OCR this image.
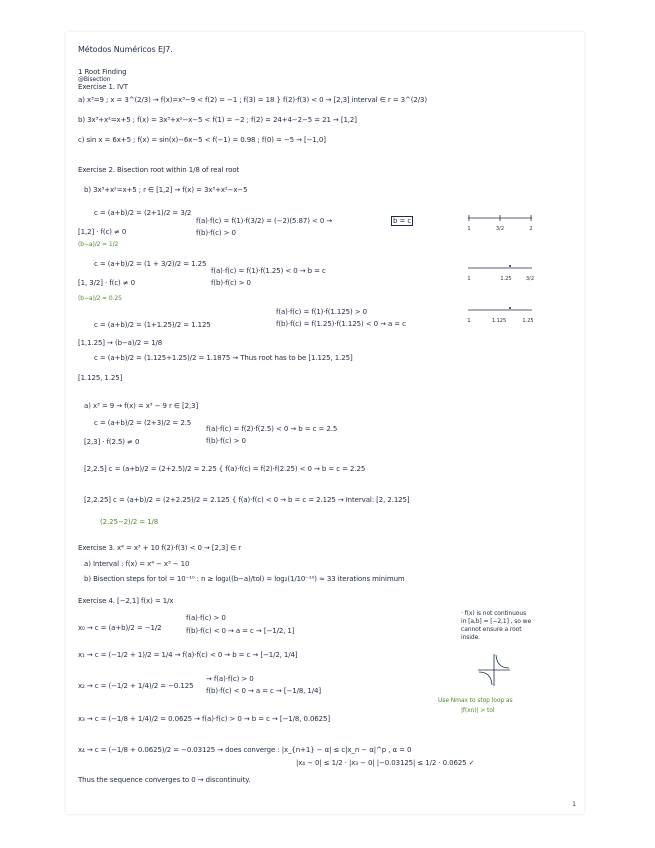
Métodos Numéricos EJ7.
1 Root Finding
@Bisection
Exercise 1. IVT
a) x³=9 ; x = 3^(2/3) → f(x)=x³−9 < f(2) = −1 ; f(3) = 18 } f(2)·f(3) < 0 → [2,3] interval ∈ r = 3^(2/3)
b) 3x³+x²=x+5 ; f(x) = 3x³+x²−x−5 < f(1) = −2 ; f(2) = 24+4−2−5 = 21 → [1,2]
c) sin x = 6x+5 ; f(x) = sin(x)−6x−5 < f(−1) = 0.98 ; f(0) = −5 → [−1,0]
Exercise 2. Bisection root within 1/8 of real root
b) 3x³+x²=x+5 ; r ∈ [1,2] → f(x) = 3x³+x²−x−5
c = (a+b)/2 = (2+1)/2 = 3/2
[1,2] · f(c) ≠ 0
f(a)·f(c) = f(1)·f(3/2) = (−2)(5.87) < 0 →	b = c
f(b)·f(c) > 0
(b−a)/2 = 1/2
c = (a+b)/2 = (1 + 3/2)/2 = 1.25
[1, 3/2] · f(c) ≠ 0
f(a)·f(c) = f(1)·f(1.25) < 0 → b = c
f(b)·f(c) > 0
(b−a)/2 = 0.25
c = (a+b)/2 = (1+1.25)/2 = 1.125
f(a)·f(c) = f(1)·f(1.125) > 0
f(b)·f(c) = f(1.25)·f(1.125) < 0 → a = c
[1,1.25] → (b−a)/2 = 1/8
c = (a+b)/2 = (1.125+1.25)/2 = 1.1875 → Thus root has to be [1.125, 1.25]
[1.125, 1.25]
1	3/2	2
1	1.25	3/2
1	1.125	1.25
a) x³ = 9 → f(x) = x³ − 9 r ∈ [2,3]
c = (a+b)/2 = (2+3)/2 = 2.5
[2,3] · f(2.5) ≠ 0
f(a)·f(c) = f(2)·f(2.5) < 0 → b = c = 2.5
f(b)·f(c) > 0
[2,2.5] c = (a+b)/2 = (2+2.5)/2 = 2.25 { f(a)·f(c) = f(2)·f(2.25) < 0 → b = c = 2.25
[2,2.25] c = (a+b)/2 = (2+2.25)/2 = 2.125 { f(a)·f(c) < 0 → b = c = 2.125 → Interval: [2, 2.125]
(2.25−2)/2 = 1/8
Exercise 3. x⁴ = x³ + 10 f(2)·f(3) < 0 → [2,3] ∈ r
a) Interval : f(x) = x⁴ − x³ − 10
b) Bisection steps for tol = 10⁻¹⁰ : n ≥ log₂((b−a)/tol) = log₂(1/10⁻¹⁰) ≈ 33 iterations minimum
Exercise 4. [−2,1] f(x) = 1/x
x₀ → c = (a+b)/2 = −1/2
f(a)·f(c) > 0
f(b)·f(c) < 0 → a = c → [−1/2, 1]
x₁ → c = (−1/2 + 1)/2 = 1/4 → f(a)·f(c) < 0 → b = c → [−1/2, 1/4]
x₂ → c = (−1/2 + 1/4)/2 = −0.125
→ f(a)·f(c) > 0
f(b)·f(c) < 0 → a = c → [−1/8, 1/4]
x₃ → c = (−1/8 + 1/4)/2 = 0.0625 → f(a)·f(c) > 0 → b = c → [−1/8, 0.0625]
x₄ → c = (−1/8 + 0.0625)/2 = −0.03125 → does converge : |x_{n+1} − α| ≤ c|x_n − α|^p , α = 0
|x₄ − 0| ≤ 1/2 · |x₃ − 0| |−0.03125| ≤ 1/2 · 0.0625 ✓
Thus the sequence converges to 0 → discontinuity.
· f(x) is not continuous
in [a,b] = [−2,1] , so we
cannot ensure a root
inside.
Use Nmax to stop loop as
|f(xn)| > tol
1
